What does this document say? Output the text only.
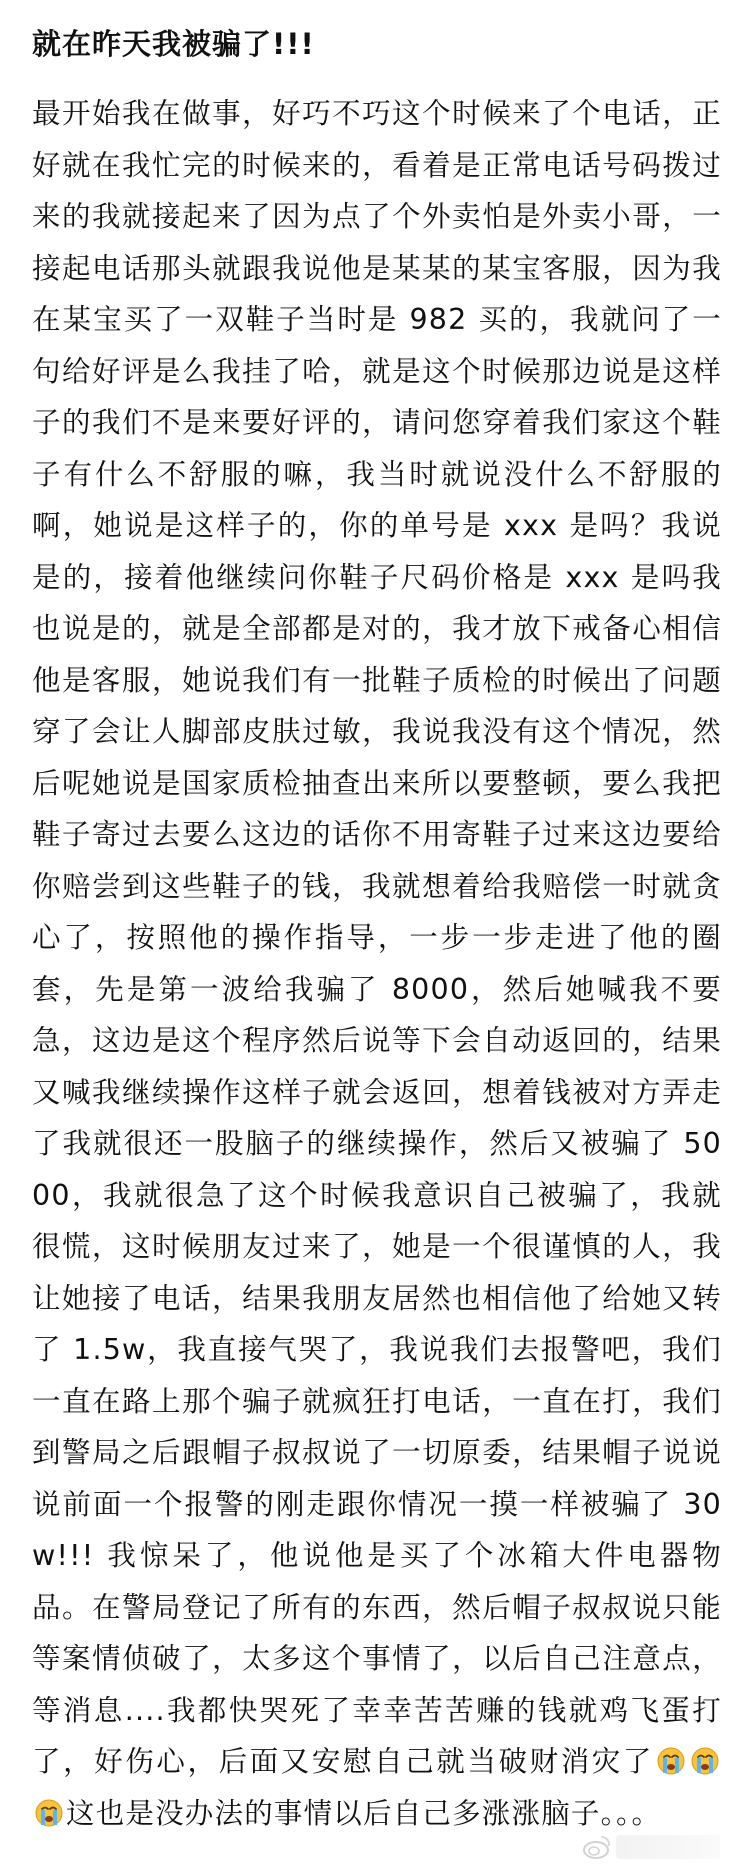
就在昨天我被骗了!!!
最开始我在做事，好巧不巧这个时候来了个电话，正好就在我忙完的时候来的，看着是正常电话号码拨过来的我就接起来了因为点了个外卖怕是外卖小哥，一接起电话那头就跟我说他是某某的某宝客服，因为我在某宝买了一双鞋子当时是 982 买的，我就问了一句给好评是么我挂了哈，就是这个时候那边说是这样子的我们不是来要好评的，请问您穿着我们家这个鞋子有什么不舒服的嘛，我当时就说没什么不舒服的啊，她说是这样子的，你的单号是 xxx 是吗？我说是的，接着他继续问你鞋子尺码价格是 xxx 是吗我也说是的，就是全部都是对的，我才放下戒备心相信他是客服，她说我们有一批鞋子质检的时候出了问题穿了会让人脚部皮肤过敏，我说我没有这个情况，然后呢她说是国家质检抽查出来所以要整顿，要么我把鞋子寄过去要么这边的话你不用寄鞋子过来这边要给你赔尝到这些鞋子的钱，我就想着给我赔偿一时就贪心了，按照他的操作指导，一步一步走进了他的圈套，先是第一波给我骗了 8000，然后她喊我不要急，这边是这个程序然后说等下会自动返回的，结果又喊我继续操作这样子就会返回，想着钱被对方弄走了我就很还一股脑子的继续操作，然后又被骗了 5000，我就很急了这个时候我意识自己被骗了，我就很慌，这时候朋友过来了，她是一个很谨慎的人，我让她接了电话，结果我朋友居然也相信他了给她又转了 1.5w，我直接气哭了，我说我们去报警吧，我们一直在路上那个骗子就疯狂打电话，一直在打，我们到警局之后跟帽子叔叔说了一切原委，结果帽子说说说前面一个报警的刚走跟你情况一摸一样被骗了 30w!!! 我惊呆了，他说他是买了个冰箱大件电器物品。在警局登记了所有的东西，然后帽子叔叔说只能等案情侦破了，太多这个事情了，以后自己注意点，等消息....我都快哭死了幸幸苦苦赚的钱就鸡飞蛋打了，好伤心，后面又安慰自己就当破财消灾了
这也是没办法的事情以后自己多涨涨脑子。。。
